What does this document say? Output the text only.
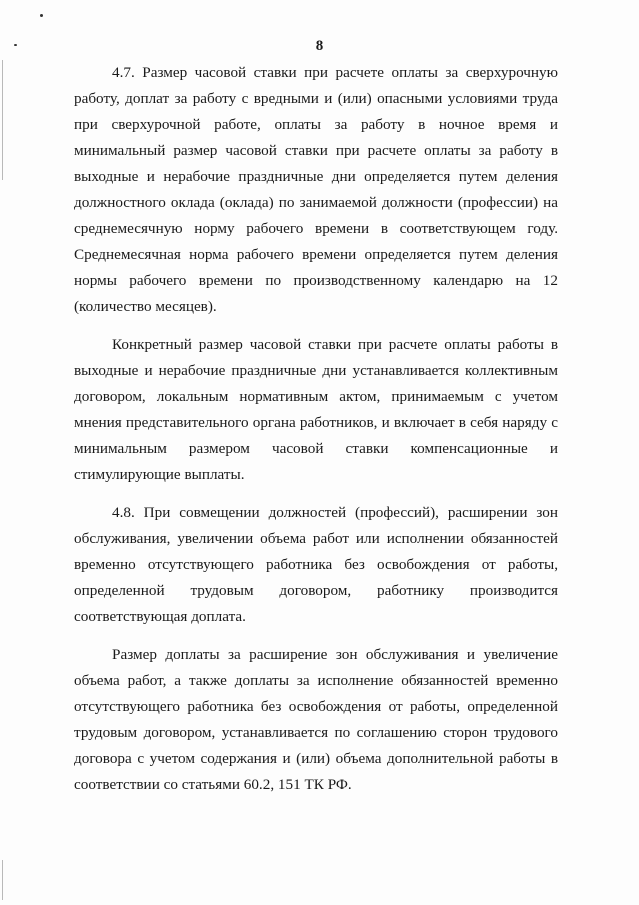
8

4.7. Размер часовой ставки при расчете оплаты за сверхурочную
работу, доплат за работу с вредными и (или) опасными условиями труда
при сверхурочной работе, оплаты за работу в ночное время и
минимальный размер часовой ставки при расчете оплаты за работу в
выходные и нерабочие праздничные дни определяется путем деления
должностного оклада (оклада) по занимаемой должности (профессии) на
среднемесячную норму рабочего времени в соответствующем году.
Среднемесячная норма рабочего времени определяется путем деления
нормы рабочего времени по производственному календарю на 12
(количество месяцев).

Конкретный размер часовой ставки при расчете оплаты работы в
выходные и нерабочие праздничные дни устанавливается коллективным
договором, локальным нормативным актом, принимаемым с учетом
мнения представительного органа работников, и включает в себя наряду с
минимальным размером часовой ставки компенсационные и
стимулирующие выплаты.

4.8. При совмещении должностей (профессий), расширении зон
обслуживания, увеличении объема работ или исполнении обязанностей
временно отсутствующего работника без освобождения от работы,
определенной трудовым договором, работнику производится
соответствующая доплата.

Размер доплаты за расширение зон обслуживания и увеличение
объема работ, а также доплаты за исполнение обязанностей временно
отсутствующего работника без освобождения от работы, определенной
трудовым договором, устанавливается по соглашению сторон трудового
договора с учетом содержания и (или) объема дополнительной работы в
соответствии со статьями 60.2, 151 ТК РФ.
